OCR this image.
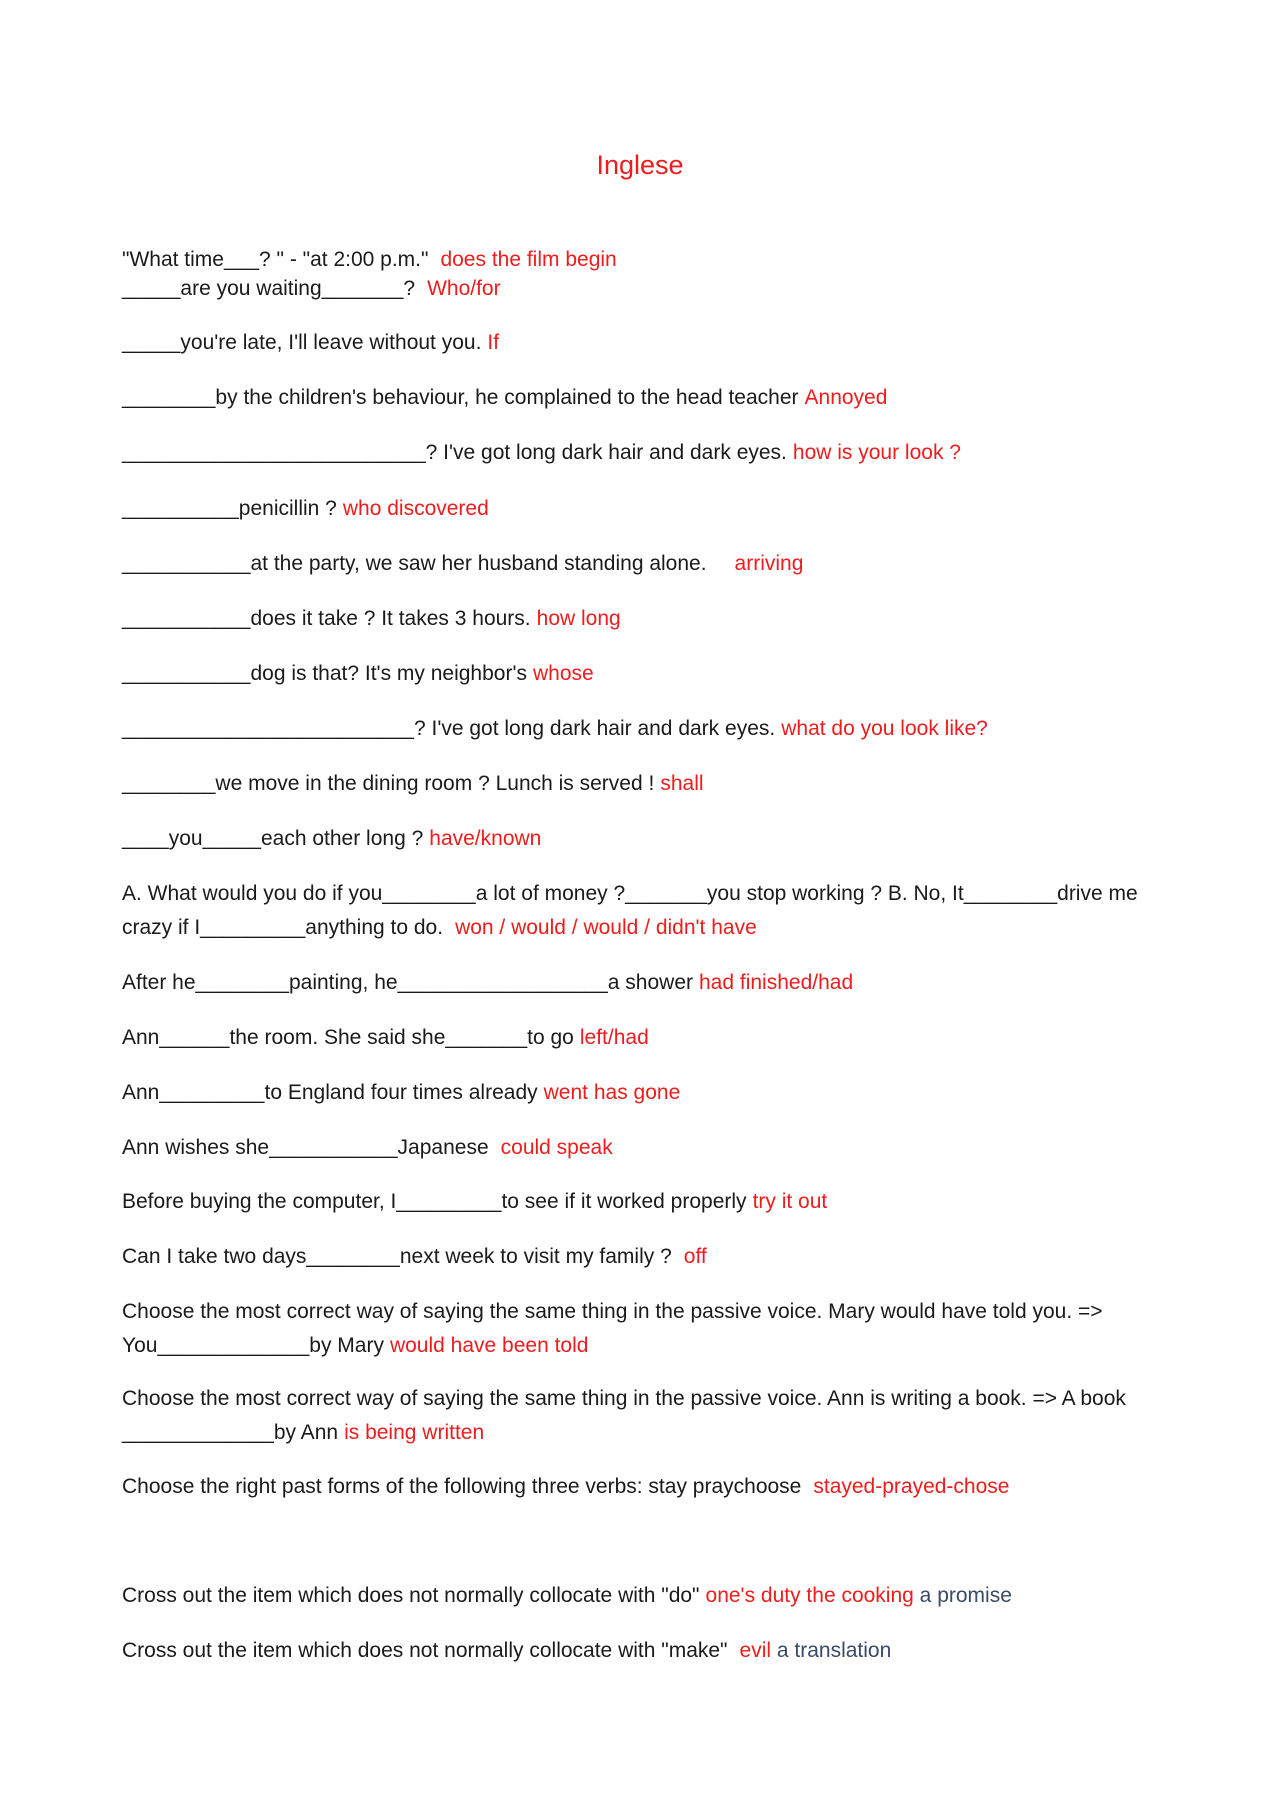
Inglese
"What time___? " - "at 2:00 p.m." does the film begin
_____are you waiting_______? Who/for
_____you're late, I'll leave without you. If
________by the children's behaviour, he complained to the head teacher Annoyed
__________________________? I've got long dark hair and dark eyes. how is your look ?
__________penicillin ? who discovered
___________at the party, we saw her husband standing alone. arriving
___________does it take ? It takes 3 hours. how long
___________dog is that? It's my neighbor's whose
_________________________? I've got long dark hair and dark eyes. what do you look like?
________we move in the dining room ? Lunch is served ! shall
____you_____each other long ? have/known
A. What would you do if you________a lot of money ?_______you stop working ? B. No, It________drive me crazy if I_________anything to do. won / would / would / didn't have
After he________painting, he__________________a shower had finished/had
Ann______the room. She said she_______to go left/had
Ann_________to England four times already went has gone
Ann wishes she___________Japanese could speak
Before buying the computer, I_________to see if it worked properly try it out
Can I take two days________next week to visit my family ? off
Choose the most correct way of saying the same thing in the passive voice. Mary would have told you. => You_____________by Mary would have been told
Choose the most correct way of saying the same thing in the passive voice. Ann is writing a book. => A book _____________by Ann is being written
Choose the right past forms of the following three verbs: stay praychoose stayed-prayed-chose
Cross out the item which does not normally collocate with "do" one's duty the cooking a promise
Cross out the item which does not normally collocate with "make" evil a translation
